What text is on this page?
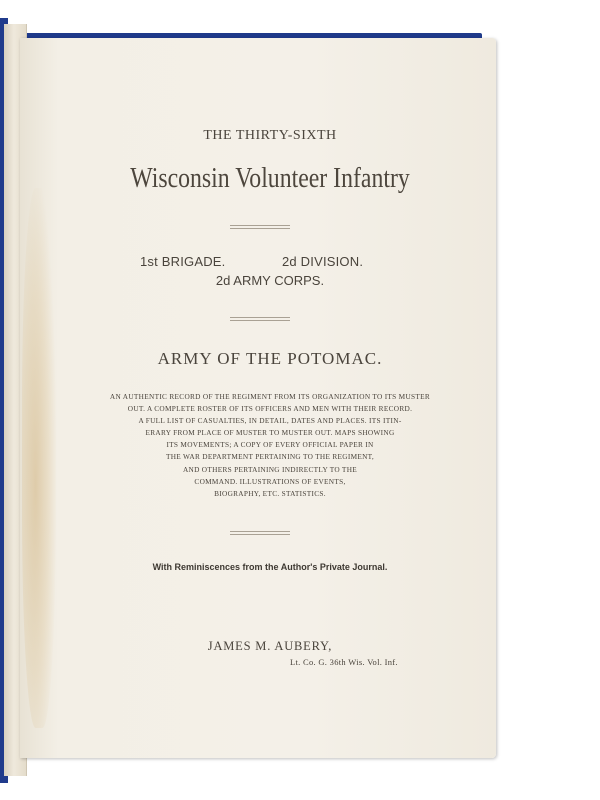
THE THIRTY-SIXTH
Wisconsin Volunteer Infantry
1st BRIGADE.	2d DIVISION.
2d ARMY CORPS.
ARMY OF THE POTOMAC.
AN AUTHENTIC RECORD OF THE REGIMENT FROM ITS ORGANIZATION TO ITS MUSTER
OUT. A COMPLETE ROSTER OF ITS OFFICERS AND MEN WITH THEIR RECORD.
A FULL LIST OF CASUALTIES, IN DETAIL, DATES AND PLACES. ITS ITIN-
ERARY FROM PLACE OF MUSTER TO MUSTER OUT. MAPS SHOWING
ITS MOVEMENTS; A COPY OF EVERY OFFICIAL PAPER IN
THE WAR DEPARTMENT PERTAINING TO THE REGIMENT,
AND OTHERS PERTAINING INDIRECTLY TO THE
COMMAND. ILLUSTRATIONS OF EVENTS,
BIOGRAPHY, ETC. STATISTICS.
With Reminiscences from the Author's Private Journal.
JAMES M. AUBERY,
Lt. Co. G. 36th Wis. Vol. Inf.
